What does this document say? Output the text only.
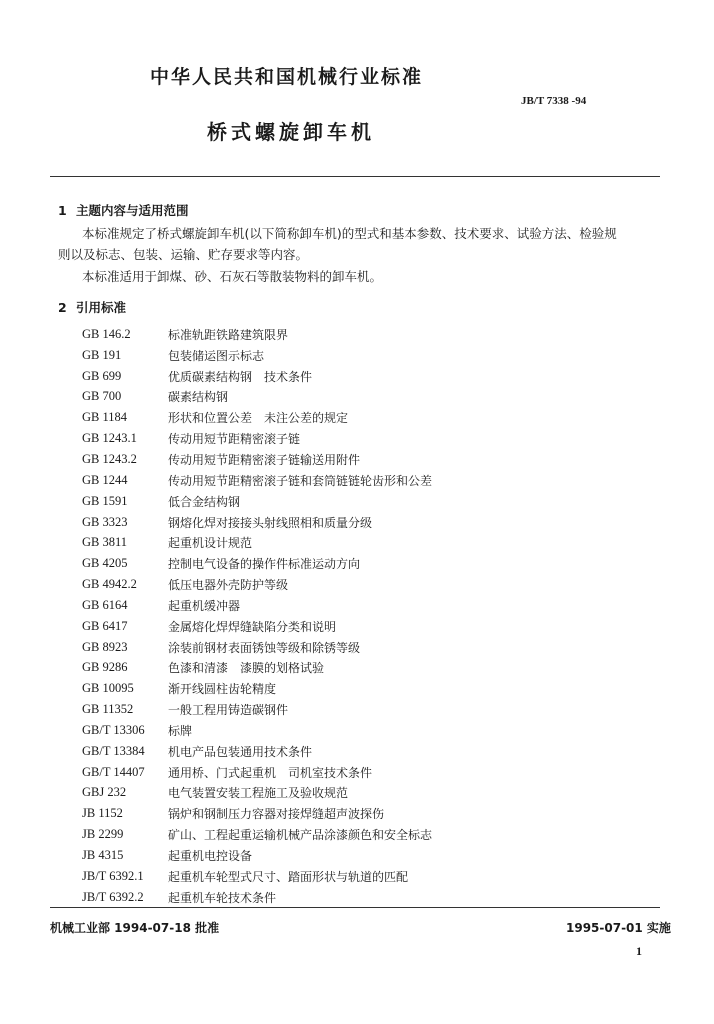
中华人民共和国机械行业标准
JB/T 7338 -94
桥式螺旋卸车机
1 主题内容与适用范围
本标准规定了桥式螺旋卸车机(以下简称卸车机)的型式和基本参数、技术要求、试验方法、检验规
则以及标志、包装、运输、贮存要求等内容。
本标准适用于卸煤、砂、石灰石等散装物料的卸车机。
2 引用标准
GB 146.2	标准轨距铁路建筑限界
GB 191	包装储运图示标志
GB 699	优质碳素结构钢　技术条件
GB 700	碳素结构钢
GB 1184	形状和位置公差　未注公差的规定
GB 1243.1	传动用短节距精密滚子链
GB 1243.2	传动用短节距精密滚子链输送用附件
GB 1244	传动用短节距精密滚子链和套筒链链轮齿形和公差
GB 1591	低合金结构钢
GB 3323	钢熔化焊对接接头射线照相和质量分级
GB 3811	起重机设计规范
GB 4205	控制电气设备的操作件标准运动方向
GB 4942.2	低压电器外壳防护等级
GB 6164	起重机缓冲器
GB 6417	金属熔化焊焊缝缺陷分类和说明
GB 8923	涂装前钢材表面锈蚀等级和除锈等级
GB 9286	色漆和清漆　漆膜的划格试验
GB 10095	渐开线圆柱齿轮精度
GB 11352	一般工程用铸造碳钢件
GB/T 13306	标牌
GB/T 13384	机电产品包装通用技术条件
GB/T 14407	通用桥、门式起重机　司机室技术条件
GBJ 232	电气装置安装工程施工及验收规范
JB 1152	锅炉和钢制压力容器对接焊缝超声波探伤
JB 2299	矿山、工程起重运输机械产品涂漆颜色和安全标志
JB 4315	起重机电控设备
JB/T 6392.1	起重机车轮型式尺寸、踏面形状与轨道的匹配
JB/T 6392.2	起重机车轮技术条件
机械工业部 1994-07-18 批准	1995-07-01 实施
1
